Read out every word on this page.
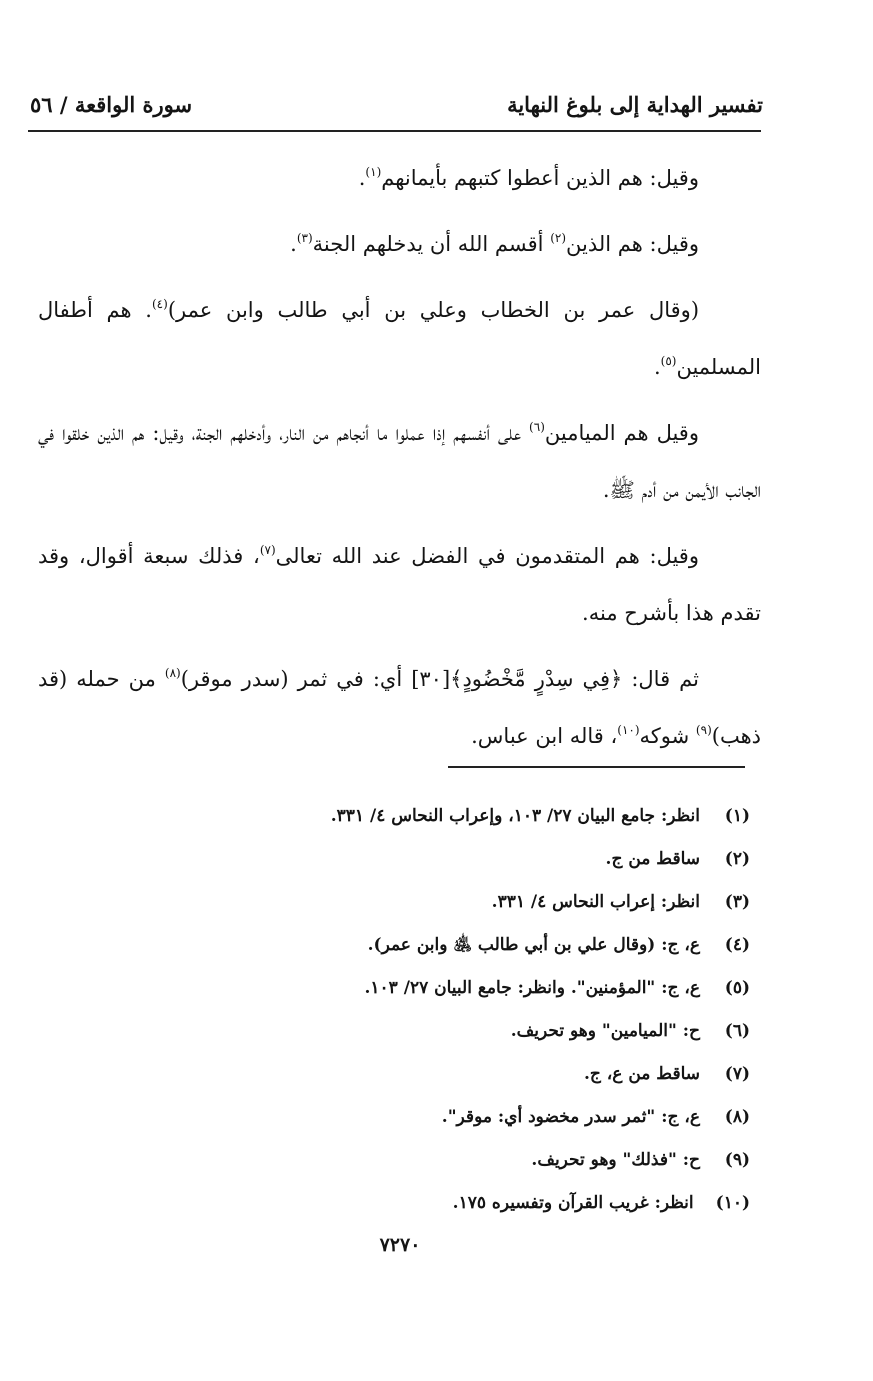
تفسير الهداية إلى بلوغ النهاية
سورة الواقعة / ٥٦

وقيل: هم الذين أعطوا كتبهم بأيمانهم$^{(١)}$.

وقيل: هم الذين$^{(٢)}$ أقسم الله أن يدخلهم الجنة$^{(٣)}$.

(وقال عمر بن الخطاب وعلي بن أبي طالب وابن عمر)$^{(٤)}$. هم أطفال المسلمين$^{(٥)}$.

وقيل هم الميامين$^{(٦)}$ على أنفسهم إذا عملوا ما أنجاهم من النار، وأدخلهم الجنة، وقيل: هم الذين خلقوا في الجانب الأيمن من أدم ﷺ.

وقيل: هم المتقدمون في الفضل عند الله تعالى$^{(٧)}$، فذلك سبعة أقوال، وقد تقدم هذا بأشرح منه.

ثم قال: ﴿فِي سِدْرٍ مَّخْضُودٍ﴾[٣٠] أي: في ثمر (سدر موقر)$^{(٨)}$ من حمله (قد ذهب)$^{(٩)}$ شوكه$^{(١٠)}$، قاله ابن عباس.

(١)
انظر: جامع البيان ٢٧/ ١٠٣، وإعراب النحاس ٤/ ٣٣١.
(٢)
ساقط من ج.
(٣)
انظر: إعراب النحاس ٤/ ٣٣١.
(٤)
ع، ج: (وقال علي بن أبي طالب ﵁ وابن عمر).
(٥)
ع، ج: "المؤمنين". وانظر: جامع البيان ٢٧/ ١٠٣.
(٦)
ح: "الميامين" وهو تحريف.
(٧)
ساقط من ع، ج.
(٨)
ع، ج: "ثمر سدر مخضود أي: موقر".
(٩)
ح: "فذلك" وهو تحريف.
(١٠)
انظر: غريب القرآن وتفسيره ١٧٥.
٧٢٧٠
